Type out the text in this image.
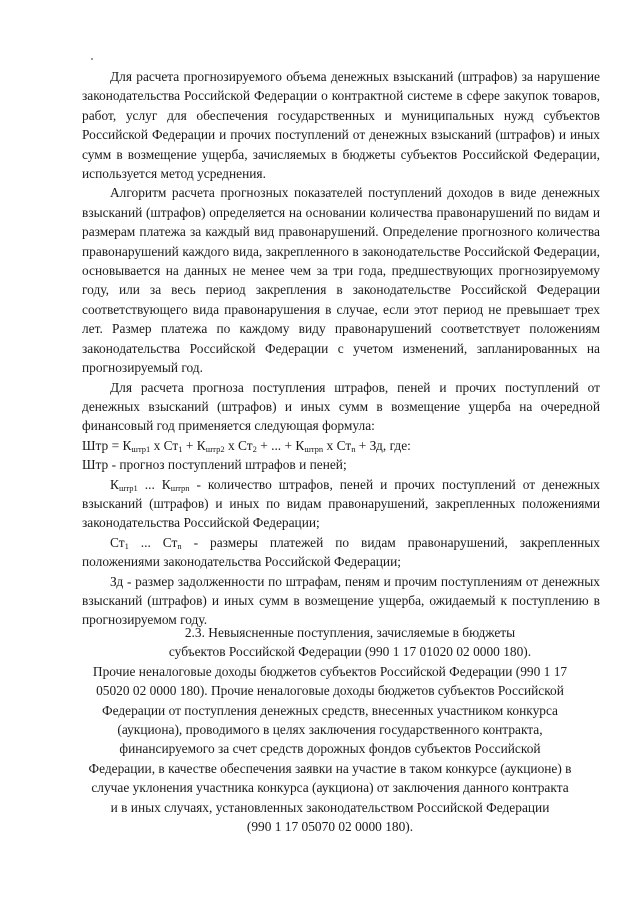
Для расчета прогнозируемого объема денежных взысканий (штрафов) за нарушение законодательства Российской Федерации о контрактной системе в сфере закупок товаров, работ, услуг для обеспечения государственных и муниципальных нужд субъектов Российской Федерации и прочих поступлений от денежных взысканий (штрафов) и иных сумм в возмещение ущерба, зачисляемых в бюджеты субъектов Российской Федерации, используется метод усреднения.

Алгоритм расчета прогнозных показателей поступлений доходов в виде денежных взысканий (штрафов) определяется на основании количества правонарушений по видам и размерам платежа за каждый вид правонарушений. Определение прогнозного количества правонарушений каждого вида, закрепленного в законодательстве Российской Федерации, основывается на данных не менее чем за три года, предшествующих прогнозируемому году, или за весь период закрепления в законодательстве Российской Федерации соответствующего вида правонарушения в случае, если этот период не превышает трех лет. Размер платежа по каждому виду правонарушений соответствует положениям законодательства Российской Федерации с учетом изменений, запланированных на прогнозируемый год.

Для расчета прогноза поступления штрафов, пеней и прочих поступлений от денежных взысканий (штрафов) и иных сумм в возмещение ущерба на очередной финансовый год применяется следующая формула:

Штр = $К_{штр1}$ х $Ст_1 + К_{штр2}$ х $Ст_2$ + ... + $К_{штрn}$ х $Ст_n$ + Зд, где:

Штр - прогноз поступлений штрафов и пеней;

$К_{штр1}$ ... $К_{штрn}$ - количество штрафов, пеней и прочих поступлений от денежных взысканий (штрафов) и иных по видам правонарушений, закрепленных положениями законодательства Российской Федерации;

$Ст_1$ ... $Ст_n$ - размеры платежей по видам правонарушений, закрепленных положениями законодательства Российской Федерации;

Зд - размер задолженности по штрафам, пеням и прочим поступлениям от денежных взысканий (штрафов) и иных сумм в возмещение ущерба, ожидаемый к поступлению в прогнозируемом году.

2.3. Невыясненные поступления, зачисляемые в бюджеты
субъектов Российской Федерации (990 1 17 01020 02 0000 180).
Прочие неналоговые доходы бюджетов субъектов Российской Федерации (990 1 17
05020 02 0000 180). Прочие неналоговые доходы бюджетов субъектов Российской
Федерации от поступления денежных средств, внесенных участником конкурса
(аукциона), проводимого в целях заключения государственного контракта,
финансируемого за счет средств дорожных фондов субъектов Российской
Федерации, в качестве обеспечения заявки на участие в таком конкурсе (аукционе) в
случае уклонения участника конкурса (аукциона) от заключения данного контракта
и в иных случаях, установленных законодательством Российской Федерации
(990 1 17 05070 02 0000 180).
